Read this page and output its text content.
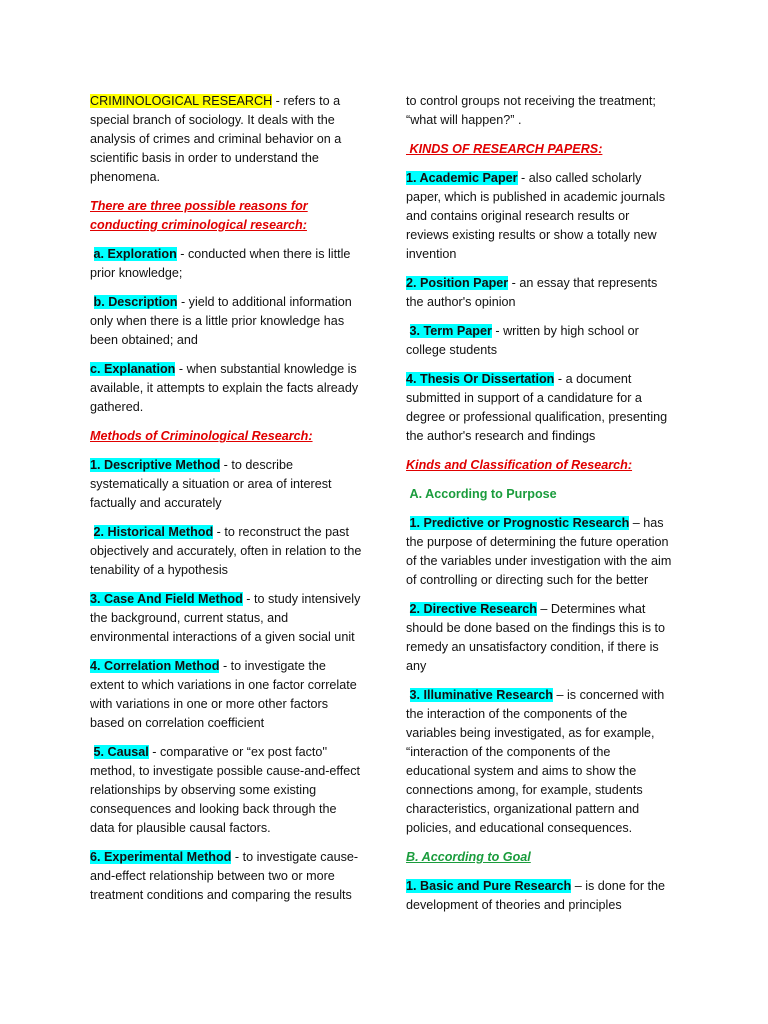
CRIMINOLOGICAL RESEARCH - refers to a special branch of sociology. It deals with the analysis of crimes and criminal behavior on a scientific basis in order to understand the phenomena.

There are three possible reasons for conducting criminological research:

a. Exploration - conducted when there is little prior knowledge;

b. Description - yield to additional information only when there is a little prior knowledge has been obtained; and

c. Explanation - when substantial knowledge is available, it attempts to explain the facts already gathered.

Methods of Criminological Research:

1. Descriptive Method - to describe systematically a situation or area of interest factually and accurately

2. Historical Method - to reconstruct the past objectively and accurately, often in relation to the tenability of a hypothesis

3. Case And Field Method - to study intensively the background, current status, and environmental interactions of a given social unit

4. Correlation Method - to investigate the extent to which variations in one factor correlate with variations in one or more other factors based on correlation coefficient

5. Causal - comparative or “ex post facto'' method, to investigate possible cause-and-effect relationships by observing some existing consequences and looking back through the data for plausible causal factors.

6. Experimental Method - to investigate cause-and-effect relationship between two or more treatment conditions and comparing the results

to control groups not receiving the treatment; “what will happen?” .

KINDS OF RESEARCH PAPERS:

1. Academic Paper - also called scholarly paper, which is published in academic journals and contains original research results or reviews existing results or show a totally new invention

2. Position Paper - an essay that represents the author's opinion

3. Term Paper - written by high school or college students

4. Thesis Or Dissertation - a document submitted in support of a candidature for a degree or professional qualification, presenting the author's research and findings

Kinds and Classification of Research:

A. According to Purpose

1. Predictive or Prognostic Research – has the purpose of determining the future operation of the variables under investigation with the aim of controlling or directing such for the better

2. Directive Research – Determines what should be done based on the findings this is to remedy an unsatisfactory condition, if there is any

3. Illuminative Research – is concerned with the interaction of the components of the variables being investigated, as for example, “interaction of the components of the educational system and aims to show the connections among, for example, students characteristics, organizational pattern and policies, and educational consequences.

B. According to Goal

1. Basic and Pure Research – is done for the development of theories and principles
